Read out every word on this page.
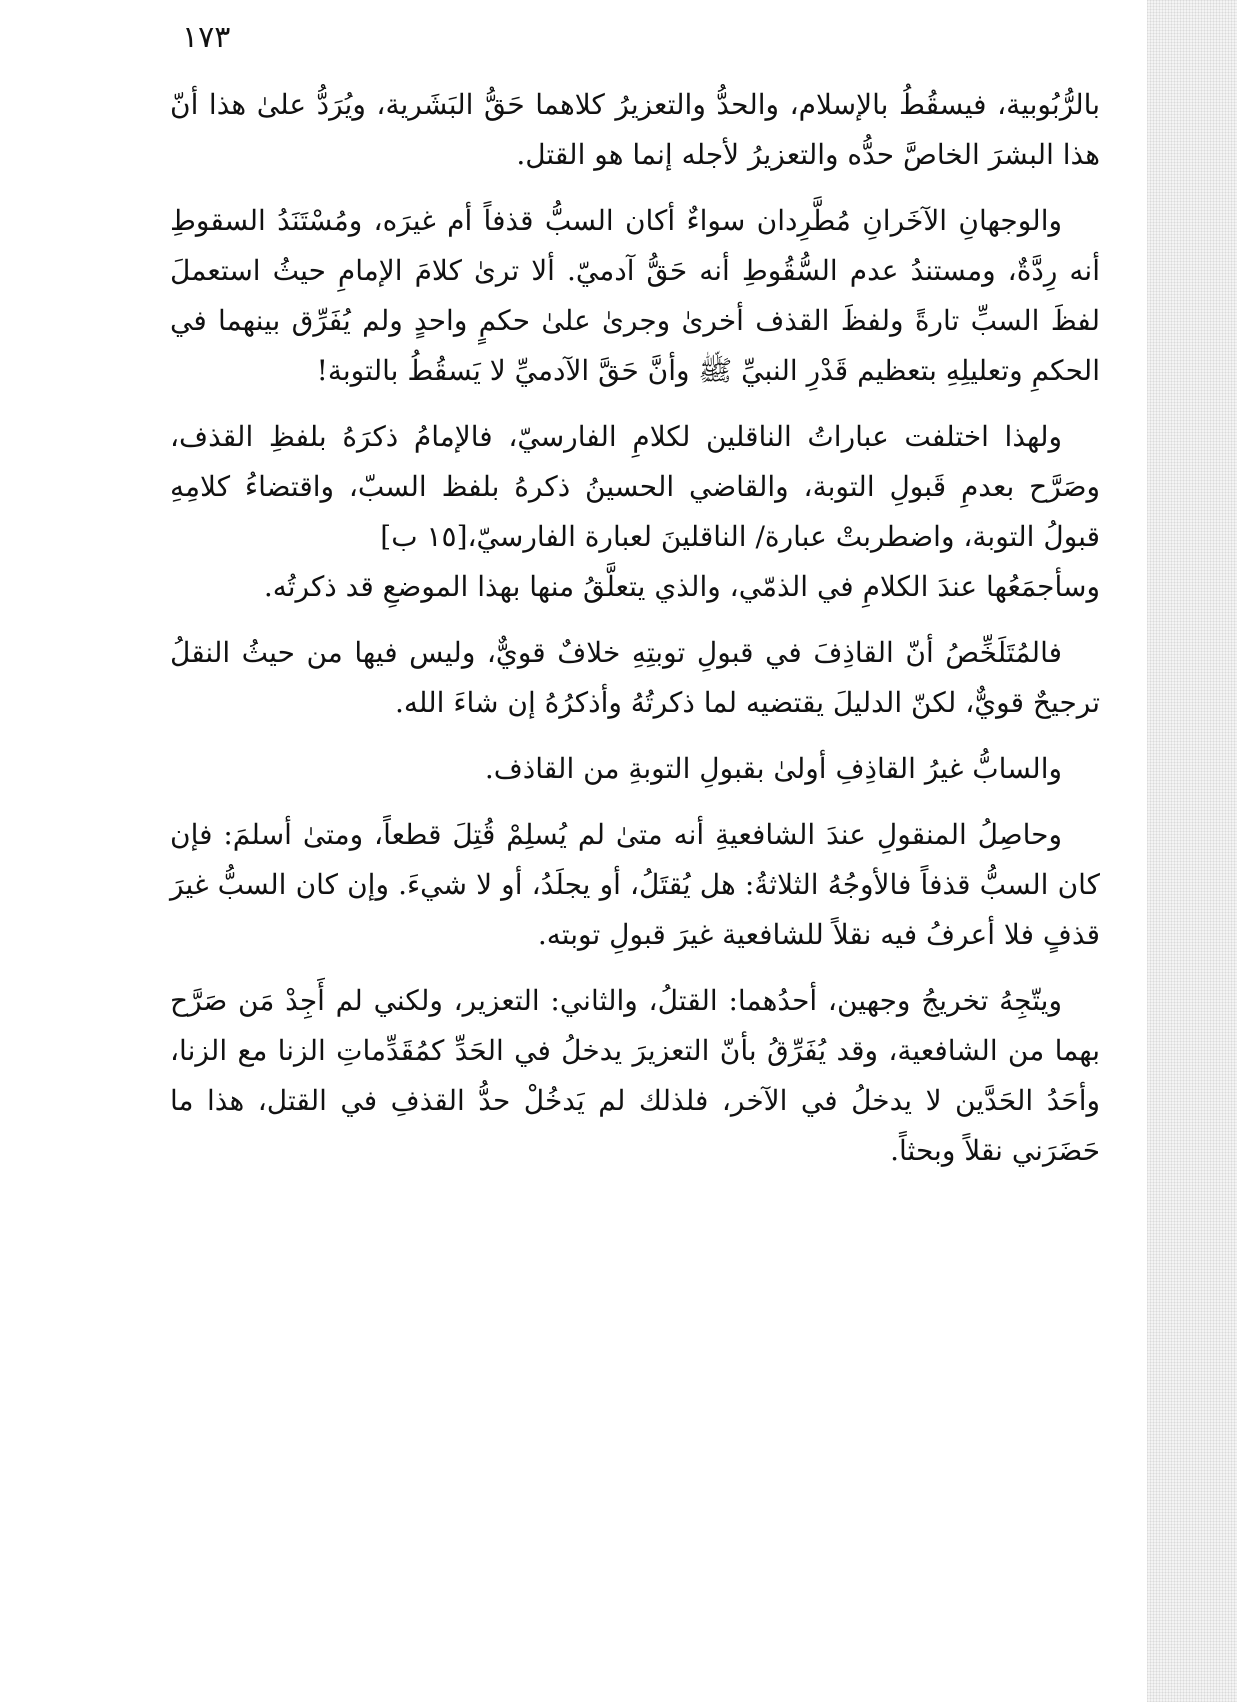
١٧٣

بالرُّبُوبية، فيسقُطُ بالإسلام، والحدُّ والتعزيرُ كلاهما حَقُّ البَشَرية، ويُرَدُّ علىٰ هذا أنّ هذا البشرَ الخاصَّ حدُّه والتعزيرُ لأجله إنما هو القتل.

والوجهانِ الآخَرانِ مُطَّرِدان سواءٌ أكان السبُّ قذفاً أم غيرَه، ومُسْتَنَدُ السقوطِ أنه رِدَّةٌ، ومستندُ عدم السُّقُوطِ أنه حَقُّ آدميّ. ألا ترىٰ كلامَ الإمامِ حيثُ استعملَ لفظَ السبِّ تارةً ولفظَ القذف أخرىٰ وجرىٰ علىٰ حكمٍ واحدٍ ولم يُفَرِّق بينهما في الحكمِ وتعليلِهِ بتعظيم قَدْرِ النبيِّ ﷺ وأنَّ حَقَّ الآدميِّ لا يَسقُطُ بالتوبة!

ولهذا اختلفت عباراتُ الناقلين لكلامِ الفارسيّ، فالإمامُ ذكرَهُ بلفظِ القذف، وصَرَّح بعدمِ قَبولِ التوبة، والقاضي الحسينُ ذكرهُ بلفظ السبّ، واقتضاءُ كلامِهِ قبولُ التوبة، واضطربتْ عبارة/ الناقلينَ لعبارة الفارسيّ،[١٥ ب]

وسأجمَعُها عندَ الكلامِ في الذمّي، والذي يتعلَّقُ منها بهذا الموضعِ قد ذكرتُه.

فالمُتَلَخِّصُ أنّ القاذِفَ في قبولِ توبتِهِ خلافٌ قويٌّ، وليس فيها من حيثُ النقلُ ترجيحٌ قويٌّ، لكنّ الدليلَ يقتضيه لما ذكرتُهُ وأذكرُهُ إن شاءَ الله.

والسابُّ غيرُ القاذِفِ أولىٰ بقبولِ التوبةِ من القاذف.

وحاصِلُ المنقولِ عندَ الشافعيةِ أنه متىٰ لم يُسلِمْ قُتِلَ قطعاً، ومتىٰ أسلمَ: فإن كان السبُّ قذفاً فالأوجُهُ الثلاثةُ: هل يُقتَلُ، أو يجلَدُ، أو لا شيءَ. وإن كان السبُّ غيرَ قذفٍ فلا أعرفُ فيه نقلاً للشافعية غيرَ قبولِ توبته.

ويتّجِهُ تخريجُ وجهين، أحدُهما: القتلُ، والثاني: التعزير، ولكني لم أَجِدْ مَن صَرَّح بهما من الشافعية، وقد يُفَرِّقُ بأنّ التعزيرَ يدخلُ في الحَدِّ كمُقَدِّماتِ الزنا مع الزنا، وأحَدُ الحَدَّين لا يدخلُ في الآخر، فلذلك لم يَدخُلْ حدُّ القذفِ في القتل، هذا ما حَضَرَني نقلاً وبحثاً.
